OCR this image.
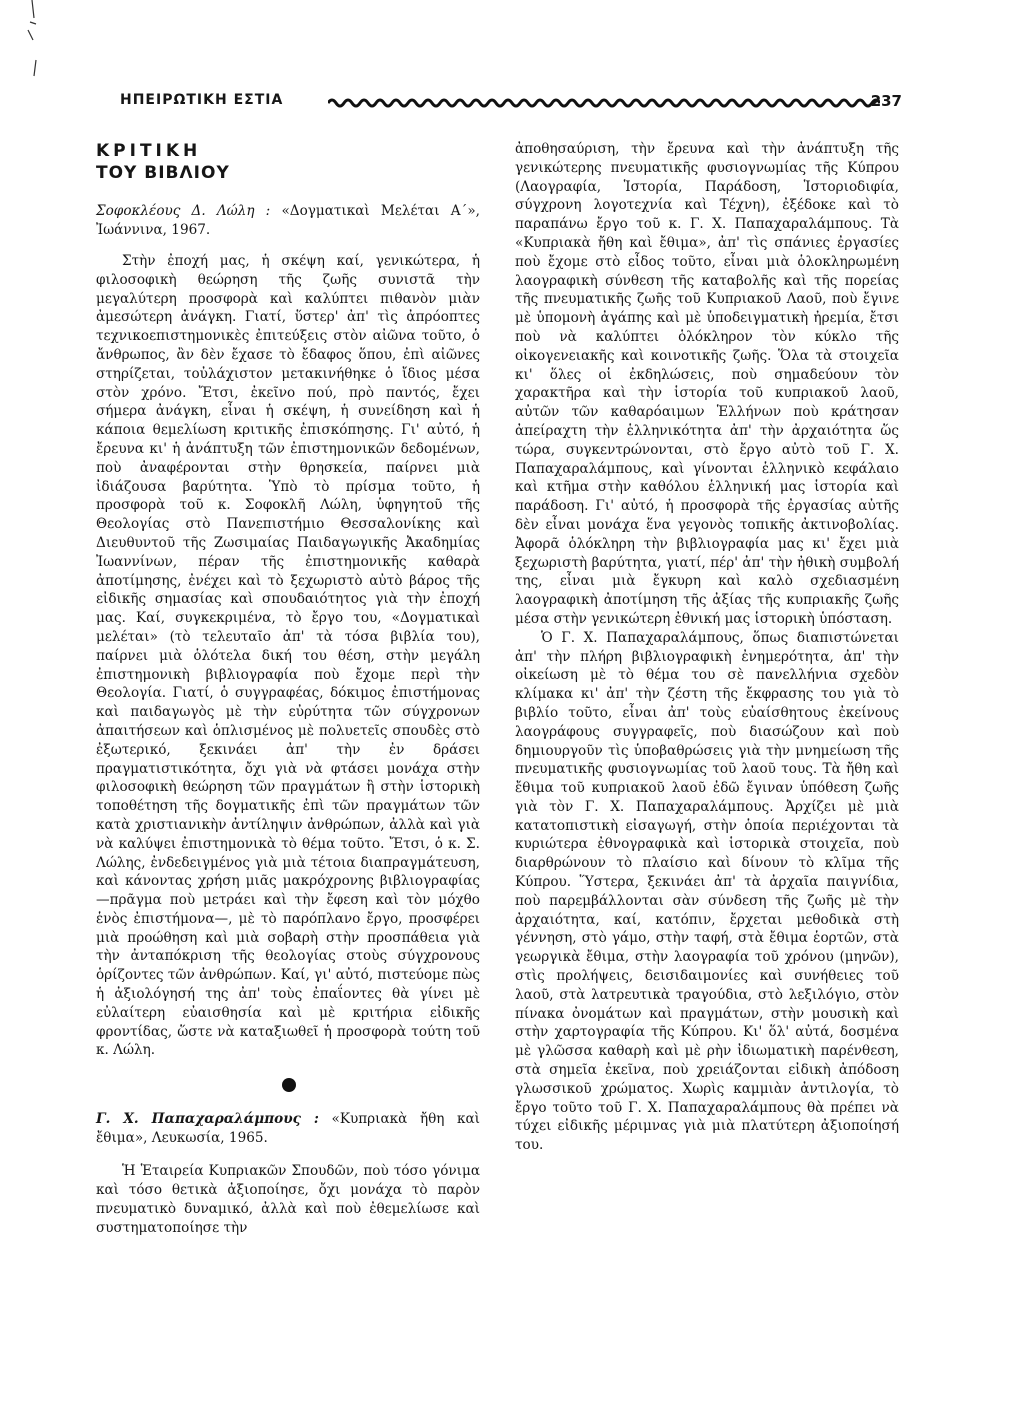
ΗΠΕΙΡΩΤΙΚΗ ΕΣΤΙΑ	237
ΚΡΙΤΙΚΗ
ΤΟΥ ΒΙΒΛΙΟΥ

Σοφοκλέους Δ. Λώλη : «Δογματικαὶ Μελέται Α΄», Ἰωάννινα, 1967.

Στὴν ἐποχή μας, ἡ σκέψη καί, γενικώτερα, ἡ φιλοσοφικὴ θεώρηση τῆς ζωῆς συνιστᾶ τὴν μεγαλύτερη προσφορὰ καὶ καλύπτει πιθανὸν μιὰν ἀμεσώτερη ἀνάγκη. Γιατί, ὕστερ' ἀπ' τὶς ἀπρόοπτες τεχνικοεπιστημονικὲς ἐπιτεύξεις στὸν αἰῶνα τοῦτο, ὁ ἄνθρωπος, ἂν δὲν ἔχασε τὸ ἔδαφος ὅπου, ἐπὶ αἰῶνες στηρίζεται, τοὐλάχιστον μετακινήθηκε ὁ ἴδιος μέσα στὸν χρόνο. Ἔτσι, ἐκεῖνο πού, πρὸ παντός, ἔχει σήμερα ἀνάγκη, εἶναι ἡ σκέψη, ἡ συνείδηση καὶ ἡ κάποια θεμελίωση κριτικῆς ἐπισκόπησης. Γι' αὐτό, ἡ ἔρευνα κι' ἡ ἀνάπτυξη τῶν ἐπιστημονικῶν δεδομένων, ποὺ ἀναφέρονται στὴν θρησκεία, παίρνει μιὰ ἰδιάζουσα βαρύτητα. Ὑπὸ τὸ πρίσμα τοῦτο, ἡ προσφορὰ τοῦ κ. Σοφοκλῆ Λώλη, ὑφηγητοῦ τῆς Θεολογίας στὸ Πανεπιστήμιο Θεσσαλονίκης καὶ Διευθυντοῦ τῆς Ζωσιμαίας Παιδαγωγικῆς Ἀκαδημίας Ἰωαννίνων, πέραν τῆς ἐπιστημονικῆς καθαρὰ ἀποτίμησης, ἐνέχει καὶ τὸ ξεχωριστὸ αὐτὸ βάρος τῆς εἰδικῆς σημασίας καὶ σπουδαιότητος γιὰ τὴν ἐποχή μας. Καί, συγκεκριμένα, τὸ ἔργο του, «Δογματικαὶ μελέται» (τὸ τελευταῖο ἀπ' τὰ τόσα βιβλία του), παίρνει μιὰ ὁλότελα δική του θέση, στὴν μεγάλη ἐπιστημονικὴ βιβλιογραφία ποὺ ἔχομε περὶ τὴν Θεολογία. Γιατί, ὁ συγγραφέας, δόκιμος ἐπιστήμονας καὶ παιδαγωγὸς μὲ τὴν εὐρύτητα τῶν σύγχρονων ἀπαιτήσεων καὶ ὁπλισμένος μὲ πολυετεῖς σπουδὲς στὸ ἐξωτερικό, ξεκινάει ἀπ' τὴν ἐν δράσει πραγματιστικότητα, ὄχι γιὰ νὰ φτάσει μονάχα στὴν φιλοσοφικὴ θεώρηση τῶν πραγμάτων ἢ στὴν ἱστορικὴ τοποθέτηση τῆς δογματικῆς ἐπὶ τῶν πραγμάτων τῶν κατὰ χριστιανικὴν ἀντίληψιν ἀνθρώπων, ἀλλὰ καὶ γιὰ νὰ καλύψει ἐπιστημονικὰ τὸ θέμα τοῦτο. Ἔτσι, ὁ κ. Σ. Λώλης, ἐνδεδειγμένος γιὰ μιὰ τέτοια διαπραγμάτευση, καὶ κάνοντας χρήση μιᾶς μακρόχρονης βιβλιογραφίας—πρᾶγμα ποὺ μετράει καὶ τὴν ἔφεση καὶ τὸν μόχθο ἑνὸς ἐπιστήμονα—, μὲ τὸ παρόπλανο ἔργο, προσφέρει μιὰ προώθηση καὶ μιὰ σοβαρὴ στὴν προσπάθεια γιὰ τὴν ἀνταπόκριση τῆς θεολογίας στοὺς σύγχρονους ὁρίζοντες τῶν ἀνθρώπων. Καί, γι' αὐτό, πιστεύομε πὼς ἡ ἀξιολόγησή της ἀπ' τοὺς ἐπαΐοντες θὰ γίνει μὲ εὐλαίτερη εὐαισθησία καὶ μὲ κριτήρια εἰδικῆς φροντίδας, ὥστε νὰ καταξιωθεῖ ἡ προσφορὰ τούτη τοῦ κ. Λώλη.

Γ. Χ. Παπαχαραλάμπους : «Κυπριακὰ ἤθη καὶ ἔθιμα», Λευκωσία, 1965.

Ἡ Ἑταιρεία Κυπριακῶν Σπουδῶν, ποὺ τόσο γόνιμα καὶ τόσο θετικὰ ἀξιοποίησε, ὄχι μονάχα τὸ παρὸν πνευματικὸ δυναμικό, ἀλλὰ καὶ ποὺ ἐθεμελίωσε καὶ συστηματοποίησε τὴν

ἀποθησαύριση, τὴν ἔρευνα καὶ τὴν ἀνάπτυξη τῆς γενικώτερης πνευματικῆς φυσιογνωμίας τῆς Κύπρου (Λαογραφία, Ἱστορία, Παράδοση, Ἱστοριοδιφία, σύγχρονη λογοτεχνία καὶ Τέχνη), ἐξέδοκε καὶ τὸ παραπάνω ἔργο τοῦ κ. Γ. Χ. Παπαχαραλάμπους. Τὰ «Κυπριακὰ ἤθη καὶ ἔθιμα», ἀπ' τὶς σπάνιες ἐργασίες ποὺ ἔχομε στὸ εἶδος τοῦτο, εἶναι μιὰ ὁλοκληρωμένη λαογραφικὴ σύνθεση τῆς καταβολῆς καὶ τῆς πορείας τῆς πνευματικῆς ζωῆς τοῦ Κυπριακοῦ Λαοῦ, ποὺ ἔγινε μὲ ὑπομονὴ ἀγάπης καὶ μὲ ὑποδειγματικὴ ἠρεμία, ἔτσι ποὺ νὰ καλύπτει ὁλόκληρον τὸν κύκλο τῆς οἰκογενειακῆς καὶ κοινοτικῆς ζωῆς. Ὅλα τὰ στοιχεῖα κι' ὅλες οἱ ἐκδηλώσεις, ποὺ σημαδεύουν τὸν χαρακτῆρα καὶ τὴν ἱστορία τοῦ κυπριακοῦ λαοῦ, αὐτῶν τῶν καθαρόαιμων Ἑλλήνων ποὺ κράτησαν ἀπείραχτη τὴν ἑλληνικότητα ἀπ' τὴν ἀρχαιότητα ὥς τώρα, συγκεντρώνονται, στὸ ἔργο αὐτὸ τοῦ Γ. Χ. Παπαχαραλάμπους, καὶ γίνονται ἑλληνικὸ κεφάλαιο καὶ κτῆμα στὴν καθόλου ἑλληνική μας ἱστορία καὶ παράδοση. Γι' αὐτό, ἡ προσφορὰ τῆς ἐργασίας αὐτῆς δὲν εἶναι μονάχα ἕνα γεγονὸς τοπικῆς ἀκτινοβολίας. Ἀφορᾶ ὁλόκληρη τὴν βιβλιογραφία μας κι' ἔχει μιὰ ξεχωριστὴ βαρύτητα, γιατί, πέρ' ἀπ' τὴν ἠθικὴ συμβολή της, εἶναι μιὰ ἔγκυρη καὶ καλὸ σχεδιασμένη λαογραφικὴ ἀποτίμηση τῆς ἀξίας τῆς κυπριακῆς ζωῆς μέσα στὴν γενικώτερη ἐθνική μας ἱστορικὴ ὑπόσταση.

Ὁ Γ. Χ. Παπαχαραλάμπους, ὅπως διαπιστώνεται ἀπ' τὴν πλήρη βιβλιογραφικὴ ἐνημερότητα, ἀπ' τὴν οἰκείωση μὲ τὸ θέμα του σὲ πανελλήνια σχεδὸν κλίμακα κι' ἀπ' τὴν ζέστη τῆς ἔκφρασης του γιὰ τὸ βιβλίο τοῦτο, εἶναι ἀπ' τοὺς εὐαίσθητους ἐκείνους λαογράφους συγγραφεῖς, ποὺ διασώζουν καὶ ποὺ δημιουργοῦν τὶς ὑποβαθρώσεις γιὰ τὴν μνημείωση τῆς πνευματικῆς φυσιογνωμίας τοῦ λαοῦ τους. Τὰ ἤθη καὶ ἔθιμα τοῦ κυπριακοῦ λαοῦ ἐδῶ ἔγιναν ὑπόθεση ζωῆς γιὰ τὸν Γ. Χ. Παπαχαραλάμπους. Ἀρχίζει μὲ μιὰ κατατοπιστικὴ εἰσαγωγή, στὴν ὁποία περιέχονται τὰ κυριώτερα ἐθνογραφικὰ καὶ ἱστορικὰ στοιχεῖα, ποὺ διαρθρώνουν τὸ πλαίσιο καὶ δίνουν τὸ κλῖμα τῆς Κύπρου. Ὕστερα, ξεκινάει ἀπ' τὰ ἀρχαῖα παιγνίδια, ποὺ παρεμβάλλονται σὰν σύνδεση τῆς ζωῆς μὲ τὴν ἀρχαιότητα, καί, κατόπιν, ἔρχεται μεθοδικὰ στὴ γέννηση, στὸ γάμο, στὴν ταφή, στὰ ἔθιμα ἑορτῶν, στὰ γεωργικὰ ἔθιμα, στὴν λαογραφία τοῦ χρόνου (μηνῶν), στὶς προλήψεις, δεισιδαιμονίες καὶ συνήθειες τοῦ λαοῦ, στὰ λατρευτικὰ τραγούδια, στὸ λεξιλόγιο, στὸν πίνακα ὀνομάτων καὶ πραγμάτων, στὴν μουσικὴ καὶ στὴν χαρτογραφία τῆς Κύπρου. Κι' ὅλ' αὐτά, δοσμένα μὲ γλῶσσα καθαρὴ καὶ μὲ ρὴν ἰδιωματικὴ παρένθεση, στὰ σημεῖα ἐκεῖνα, ποὺ χρειάζονται εἰδικὴ ἀπόδοση γλωσσικοῦ χρώματος. Χωρὶς καμμιὰν ἀντιλογία, τὸ ἔργο τοῦτο τοῦ Γ. Χ. Παπαχαραλάμπους θὰ πρέπει νὰ τύχει εἰδικῆς μέριμνας γιὰ μιὰ πλατύτερη ἀξιοποίησή του.
